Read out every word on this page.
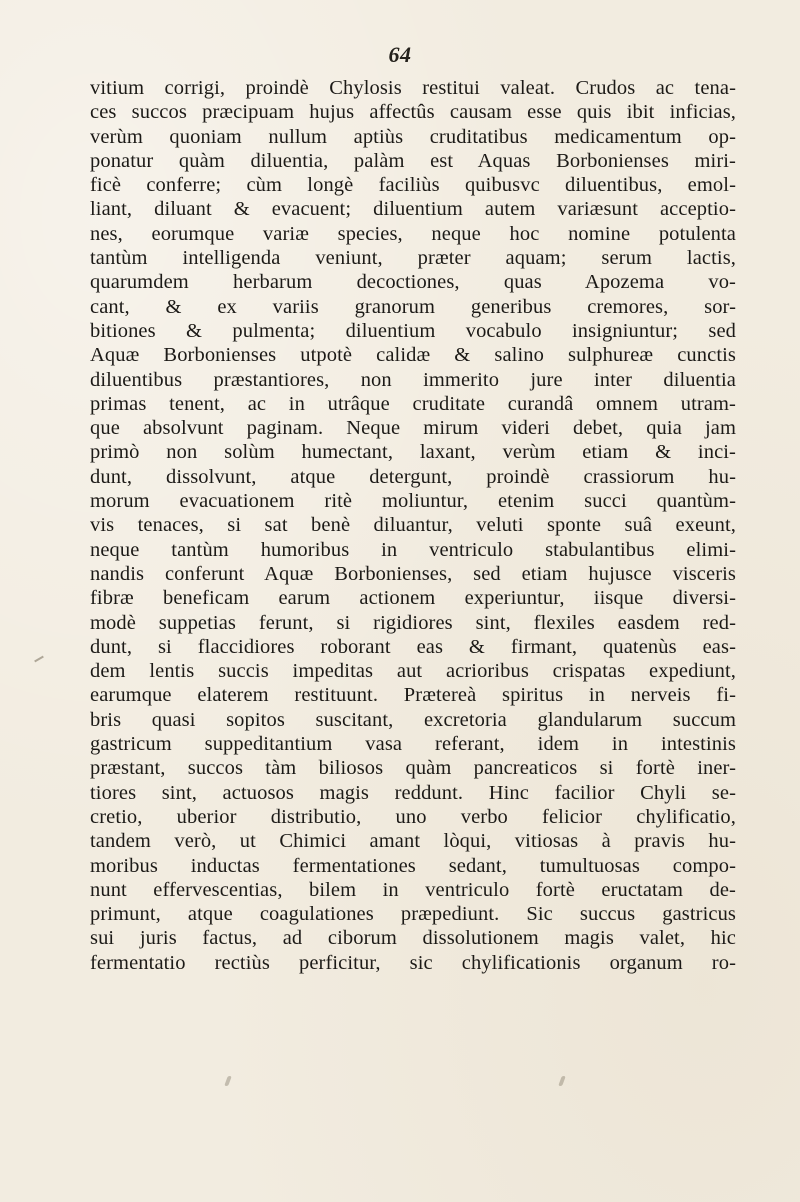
64
vitium corrigi, proindè Chylosis restitui valeat. Crudos ac tena-
ces succos præcipuam hujus affectûs causam esse quis ibit inficias,
verùm quoniam nullum aptiùs cruditatibus medicamentum op-
ponatur quàm diluentia, palàm est Aquas Borbonienses miri-
ficè conferre; cùm longè faciliùs quibusvc diluentibus, emol-
liant, diluant & evacuent; diluentium autem variæsunt acceptio-
nes, eorumque variæ species, neque hoc nomine potulenta
tantùm intelligenda veniunt, præter aquam; serum lactis,
quarumdem herbarum decoctiones, quas Apozema vo-
cant, & ex variis granorum generibus cremores, sor-
bitiones & pulmenta; diluentium vocabulo insigniuntur; sed
Aquæ Borbonienses utpotè calidæ & salino sulphureæ cunctis
diluentibus præstantiores, non immerito jure inter diluentia
primas tenent, ac in utrâque cruditate curandâ omnem utram-
que absolvunt paginam. Neque mirum videri debet, quia jam
primò non solùm humectant, laxant, verùm etiam & inci-
dunt, dissolvunt, atque detergunt, proindè crassiorum hu-
morum evacuationem ritè moliuntur, etenim succi quantùm-
vis tenaces, si sat benè diluantur, veluti sponte suâ exeunt,
neque tantùm humoribus in ventriculo stabulantibus elimi-
nandis conferunt Aquæ Borbonienses, sed etiam hujusce visceris
fibræ beneficam earum actionem experiuntur, iisque diversi-
modè suppetias ferunt, si rigidiores sint, flexiles easdem red-
dunt, si flaccidiores roborant eas & firmant, quatenùs eas-
dem lentis succis impeditas aut acrioribus crispatas expediunt,
earumque elaterem restituunt. Prætereà spiritus in nerveis fi-
bris quasi sopitos suscitant, excretoria glandularum succum
gastricum suppeditantium vasa referant, idem in intestinis
præstant, succos tàm biliosos quàm pancreaticos si fortè iner-
tiores sint, actuosos magis reddunt. Hinc facilior Chyli se-
cretio, uberior distributio, uno verbo felicior chylificatio,
tandem verò, ut Chimici amant lòqui, vitiosas à pravis hu-
moribus inductas fermentationes sedant, tumultuosas compo-
nunt effervescentias, bilem in ventriculo fortè eructatam de-
primunt, atque coagulationes præpediunt. Sic succus gastricus
sui juris factus, ad ciborum dissolutionem magis valet, hic
fermentatio rectiùs perficitur, sic chylificationis organum ro-
